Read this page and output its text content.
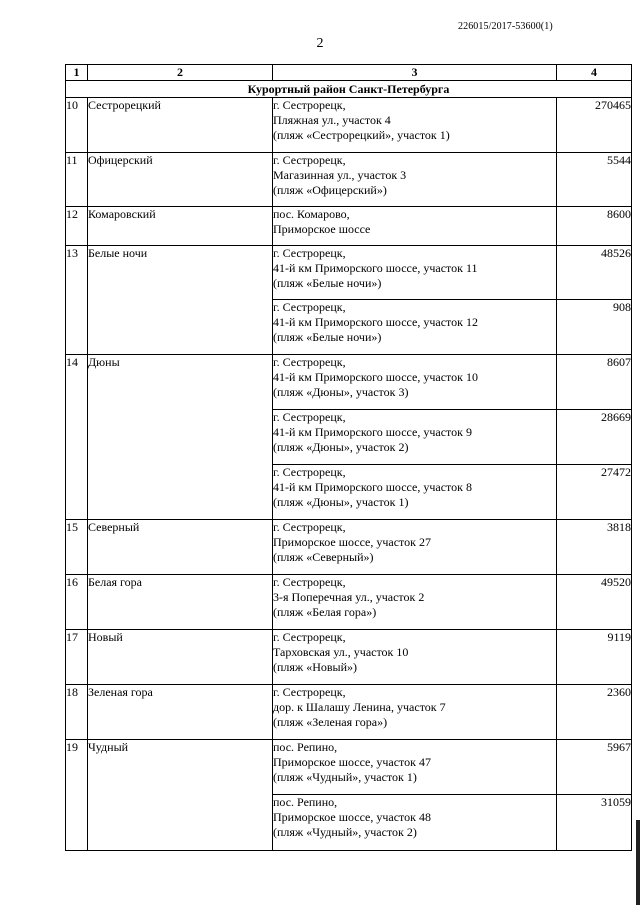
226015/2017-53600(1)
2
1	2	3	4
Курортный район Санкт-Петербурга			
10	Сестрорецкий	г. Сестрорецк,
Пляжная ул., участок 4
(пляж «Сестрорецкий», участок 1)	270465
11	Офицерский	г. Сестрорецк,
Магазинная ул., участок 3
(пляж «Офицерский»)	5544
12	Комаровский	пос. Комарово,
Приморское шоссе	8600
13	Белые ночи	г. Сестрорецк,
41-й км Приморского шоссе, участок 11
(пляж «Белые ночи»)	48526

		г. Сестрорецк,
41-й км Приморского шоссе, участок 12
(пляж «Белые ночи»)	908
14	Дюны	г. Сестрорецк,
41-й км Приморского шоссе, участок 10
(пляж «Дюны», участок 3)	8607

		г. Сестрорецк,
41-й км Приморского шоссе, участок 9
(пляж «Дюны», участок 2)	28669

		г. Сестрорецк,
41-й км Приморского шоссе, участок 8
(пляж «Дюны», участок 1)	27472
15	Северный	г. Сестрорецк,
Приморское шоссе, участок 27
(пляж «Северный»)	3818
16	Белая гора	г. Сестрорецк,
3-я Поперечная ул., участок 2
(пляж «Белая гора»)	49520
17	Новый	г. Сестрорецк,
Тарховская ул., участок 10
(пляж «Новый»)	9119
18	Зеленая гора	г. Сестрорецк,
дор. к Шалашу Ленина, участок 7
(пляж «Зеленая гора»)	2360
19	Чудный	пос. Репино,
Приморское шоссе, участок 47
(пляж «Чудный», участок 1)	5967

		пос. Репино,
Приморское шоссе, участок 48
(пляж «Чудный», участок 2)	31059
